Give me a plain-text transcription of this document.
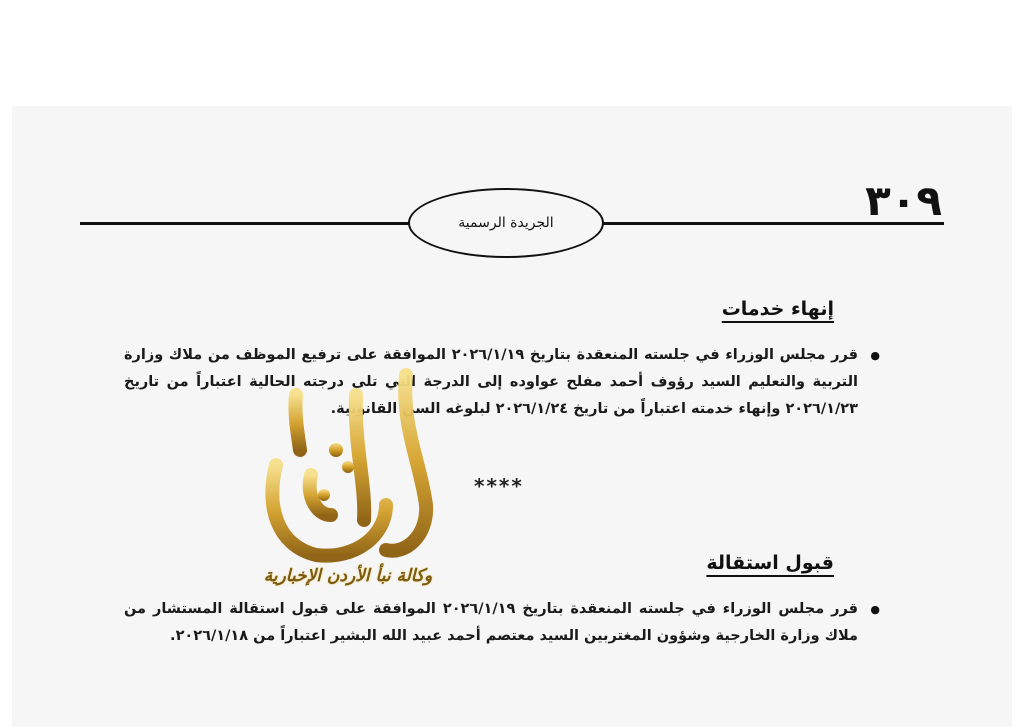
الجريدة الرسمية	٣٠٩
إنهاء خدمات
● قرر مجلس الوزراء في جلسته المنعقدة بتاريخ ٢٠٢٦/١/١٩ الموافقة على ترفيع الموظف من ملاك وزارة التربية والتعليم السيد رؤوف أحمد مفلح عواوده إلى الدرجة التي تلي درجته الحالية اعتباراً من تاريخ ٢٠٢٦/١/٢٣ وإنهاء خدمته اعتباراً من تاريخ ٢٠٢٦/١/٢٤ لبلوغه السن القانونية.
****
قبول استقالة
● قرر مجلس الوزراء في جلسته المنعقدة بتاريخ ٢٠٢٦/١/١٩ الموافقة على قبول استقالة المستشار من ملاك وزارة الخارجية وشؤون المغتربين السيد معتصم أحمد عبيد الله البشير اعتباراً من ٢٠٢٦/١/١٨.
وكالة نبأ الأردن الإخبارية
